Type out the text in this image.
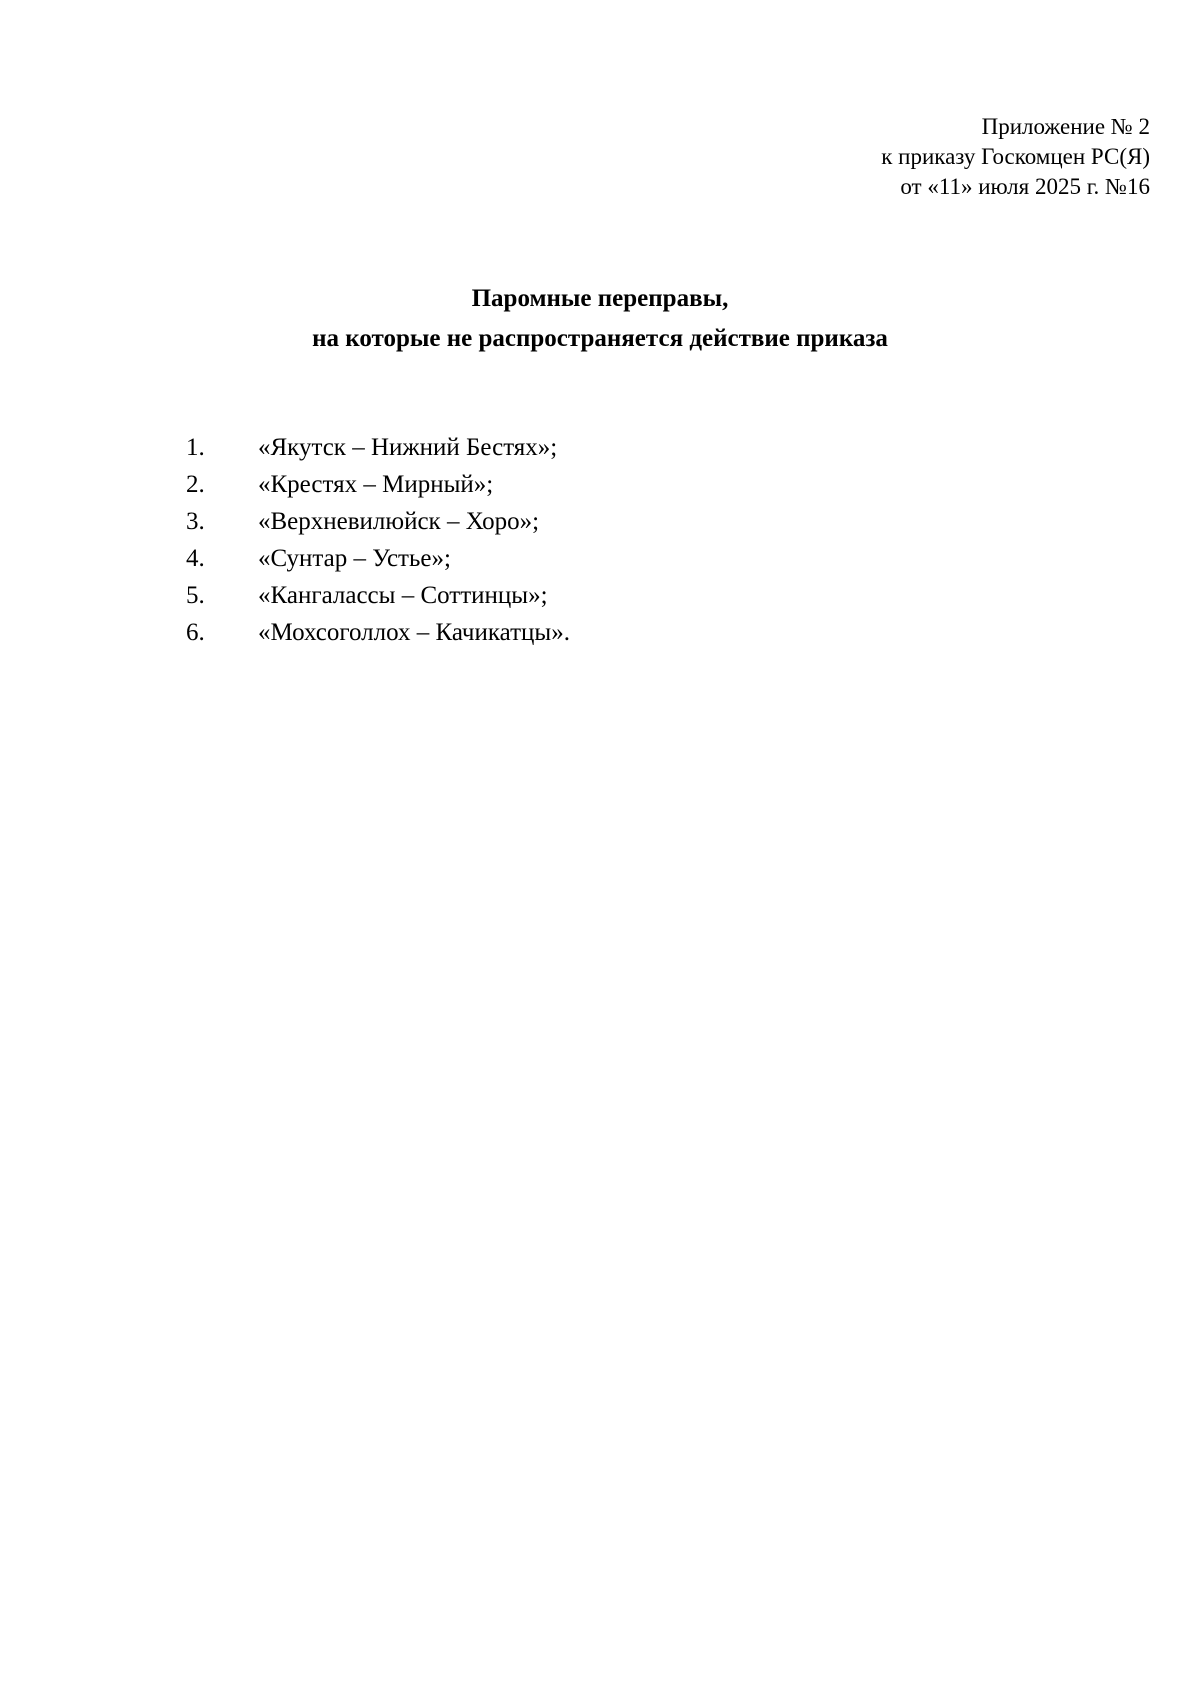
Приложение № 2
к приказу Госкомцен РС(Я)
от «11» июля 2025 г. №16
Паромные переправы,
на которые не распространяется действие приказа
1.	«Якутск – Нижний Бестях»;
2.	«Крестях – Мирный»;
3.	«Верхневилюйск – Хоро»;
4.	«Сунтар – Устье»;
5.	«Кангалассы – Соттинцы»;
6.	«Мохсоголлох – Качикатцы».
